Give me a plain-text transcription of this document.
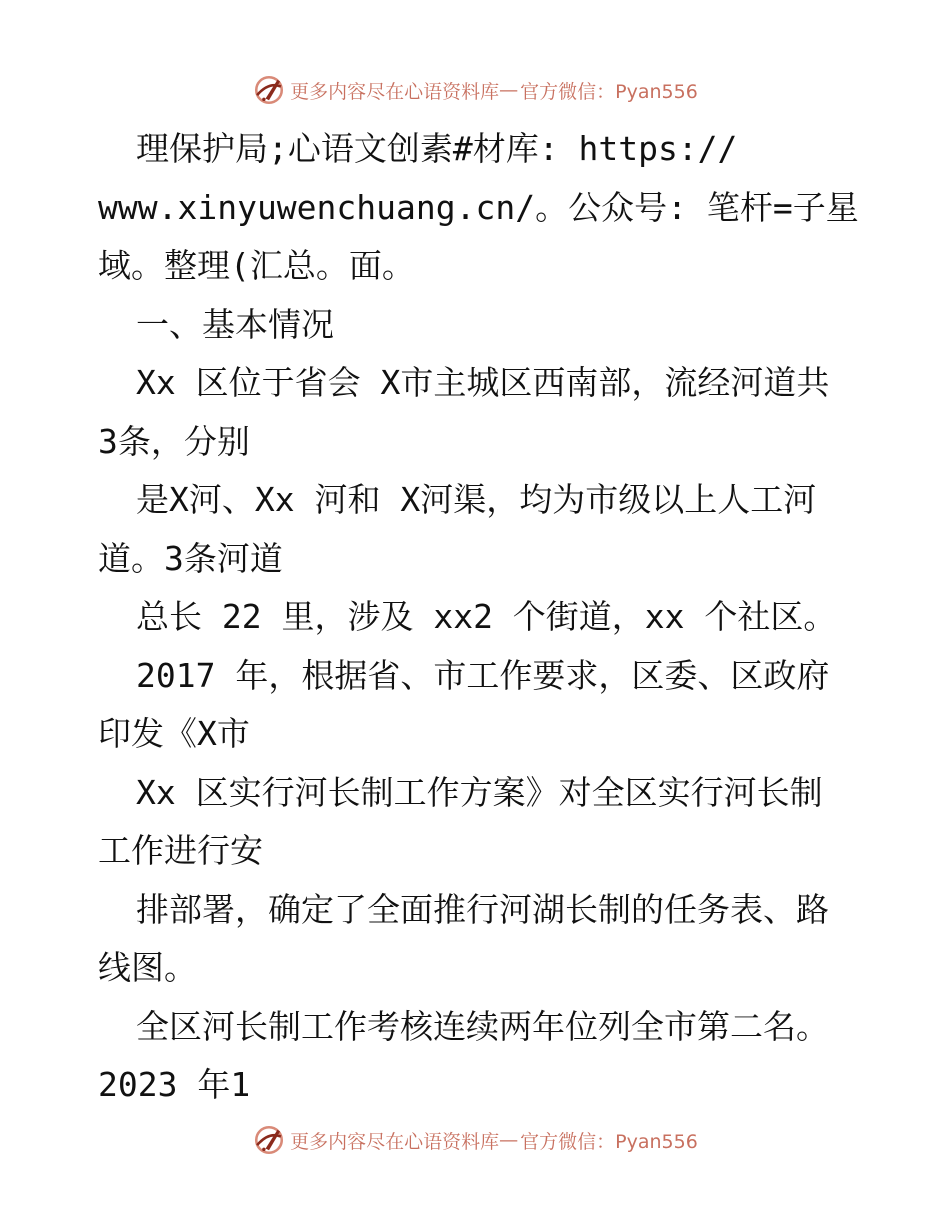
更多内容尽在心语资料库 — 官方微信：Pyan556
理保护局;心语文创素#材库: https://
www.xinyuwenchuang.cn/。公众号: 笔杆=子星
域。整理(汇总。面。
一、基本情况
Xx 区位于省会 X市主城区西南部，流经河道共
3条，分别
是X河、Xx 河和 X河渠，均为市级以上人工河
道。3条河道
总长 22 里，涉及 xx2 个街道，xx 个社区。
2017 年，根据省、市工作要求，区委、区政府
印发《X市
Xx 区实行河长制工作方案》对全区实行河长制
工作进行安
排部署，确定了全面推行河湖长制的任务表、路
线图。
全区河长制工作考核连续两年位列全市第二名。
2023 年1
更多内容尽在心语资料库 — 官方微信：Pyan556
